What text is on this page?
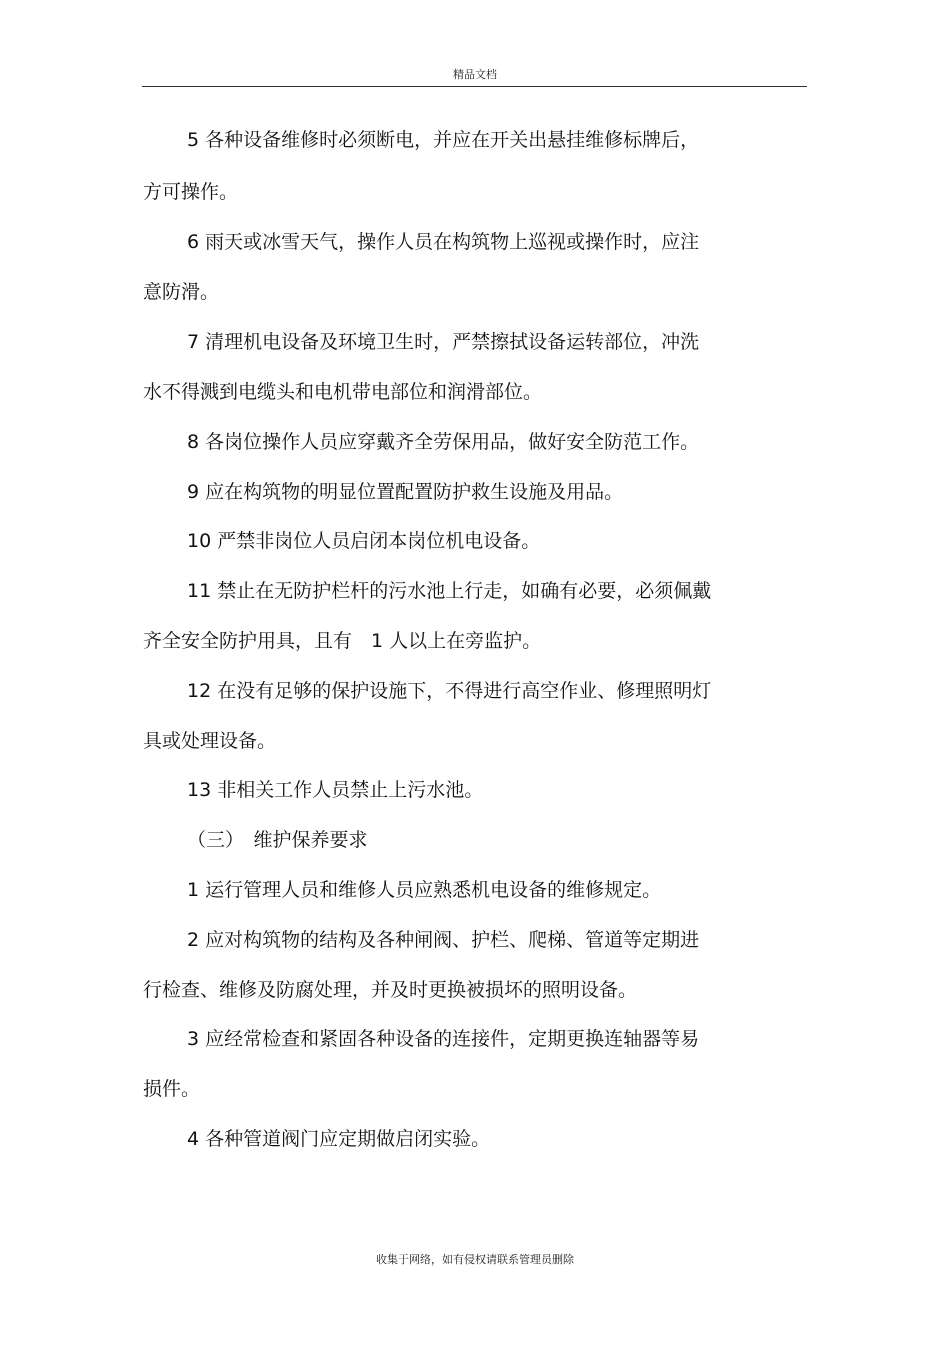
精品文档
5 各种设备维修时必须断电，并应在开关出悬挂维修标牌后，
方可操作。
6 雨天或冰雪天气，操作人员在构筑物上巡视或操作时，应注
意防滑。
7 清理机电设备及环境卫生时，严禁擦拭设备运转部位，冲洗
水不得溅到电缆头和电机带电部位和润滑部位。
8 各岗位操作人员应穿戴齐全劳保用品，做好安全防范工作。
9 应在构筑物的明显位置配置防护救生设施及用品。
10 严禁非岗位人员启闭本岗位机电设备。
11 禁止在无防护栏杆的污水池上行走，如确有必要，必须佩戴
齐全安全防护用具，且有　1 人以上在旁监护。
12 在没有足够的保护设施下，不得进行高空作业、修理照明灯
具或处理设备。
13 非相关工作人员禁止上污水池。
（三）　维护保养要求
1 运行管理人员和维修人员应熟悉机电设备的维修规定。
2 应对构筑物的结构及各种闸阀、护栏、爬梯、管道等定期进
行检查、维修及防腐处理，并及时更换被损坏的照明设备。
3 应经常检查和紧固各种设备的连接件，定期更换连轴器等易
损件。
4 各种管道阀门应定期做启闭实验。
收集于网络，如有侵权请联系管理员删除
